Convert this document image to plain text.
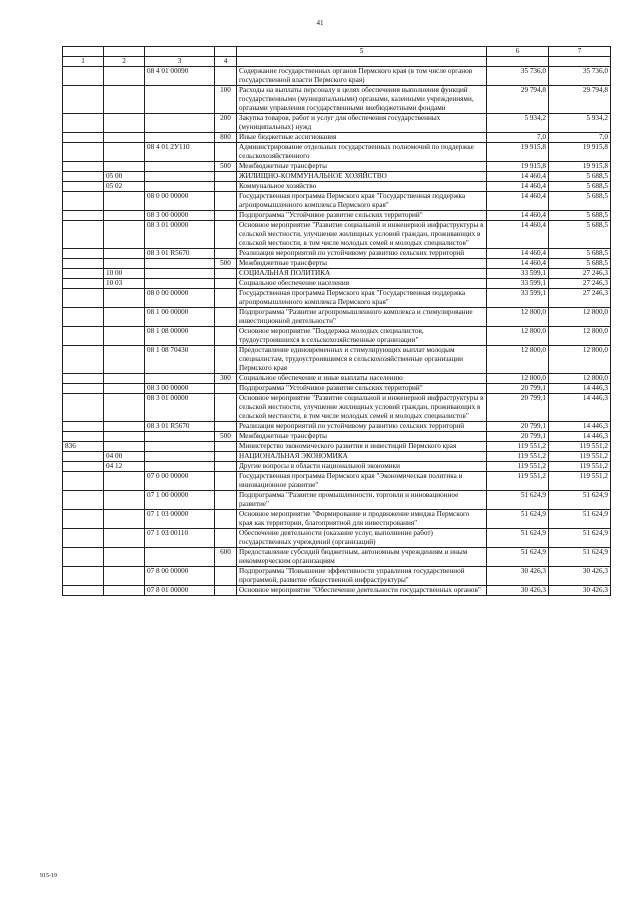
41
				5	6	7
1	2	3	4			
		08 4 01 00090		Содержание государственных органов Пермского края (в том числе органов государственной власти Пермского края)	35 736,0	35 736,0
			100	Расходы на выплаты персоналу в целях обеспечения выполнения функций государственными (муниципальными) органами, казенными учреждениями, органами управления государственными внебюджетными фондами	29 794,8	29 794,8
			200	Закупка товаров, работ и услуг для обеспечения государственных (муниципальных) нужд	5 934,2	5 934,2
			800	Иные бюджетные ассигнования	7,0	7,0
		08 4 01 2У110		Администрирование отдельных государственных полномочий по поддержке сельскохозяйственного	19 915,8	19 915,8
			500	Межбюджетные трансферты	19 915,8	19 915,8
	05 00			ЖИЛИЩНО-КОММУНАЛЬНОЕ ХОЗЯЙСТВО	14 460,4	5 688,5
	05 02			Коммунальное хозяйство	14 460,4	5 688,5
		08 0 00 00000		Государственная программа Пермского края "Государственная поддержка агропромышленного комплекса Пермского края"	14 460,4	5 688,5
		08 3 00 00000		Подпрограмма "Устойчивое развитие сельских территорий"	14 460,4	5 688,5
		08 3 01 00000		Основное мероприятие "Развитие социальной и инженерной инфраструктуры в сельской местности, улучшение жилищных условий граждан, проживающих в сельской местности, в том числе молодых семей и молодых специалистов"	14 460,4	5 688,5
		08 3 01 R5670		Реализация мероприятий по устойчивому развитию сельских территорий	14 460,4	5 688,5
			500	Межбюджетные трансферты	14 460,4	5 688,5
	10 00			СОЦИАЛЬНАЯ ПОЛИТИКА	33 599,1	27 246,3
	10 03			Социальное обеспечение населения	33 599,1	27 246,3
		08 0 00 00000		Государственная программа Пермского края "Государственная поддержка агропромышленного комплекса Пермского края"	33 599,1	27 246,3
		08 1 00 00000		Подпрограмма "Развитие агропромышленного комплекса и стимулирование инвестиционной деятельности"	12 800,0	12 800,0
		08 1 08 00000		Основное мероприятие "Поддержка молодых специалистов, трудоустроившихся в сельскохозяйственные организации"	12 800,0	12 800,0
		08 1 08 70430		Предоставление единовременных и стимулирующих выплат молодым специалистам, трудоустроившимся в сельскохозяйственные организации Пермского края	12 800,0	12 800,0
			300	Социальное обеспечение и иные выплаты населению	12 800,0	12 800,0
		08 3 00 00000		Подпрограмма "Устойчивое развитие сельских территорий"	20 799,1	14 446,3
		08 3 01 00000		Основное мероприятие "Развитие социальной и инженерной инфраструктуры в сельской местности, улучшение жилищных условий граждан, проживающих в сельской местности, в том числе молодых семей и молодых специалистов"	20 799,1	14 446,3
		08 3 01 R5670		Реализация мероприятий по устойчивому развитию сельских территорий	20 799,1	14 446,3
			500	Межбюджетные трансферты	20 799,1	14 446,3
836				Министерство экономического развития и инвестиций Пермского края	119 551,2	119 551,2
	04 00			НАЦИОНАЛЬНАЯ ЭКОНОМИКА	119 551,2	119 551,2
	04 12			Другие вопросы в области национальной экономики	119 551,2	119 551,2
		07 0 00 00000		Государственная программа Пермского края "Экономическая политика и инновационное развитие"	119 551,2	119 551,2
		07 1 00 00000		Подпрограмма "Развитие промышленности, торговли и инновационное развитие"	51 624,9	51 624,9
		07 1 03 00000		Основное мероприятие "Формирование и продвижение имиджа Пермского края как территории, благоприятной для инвестирования"	51 624,9	51 624,9
		07 1 03 00110		Обеспечение деятельности (оказание услуг, выполнение работ) государственных учреждений (организаций)	51 624,9	51 624,9
			600	Предоставление субсидий бюджетным, автономным учреждениям и иным некоммерческим организациям	51 624,9	51 624,9
		07 8 00 00000		Подпрограмма "Повышение эффективности управления государственной программой, развитие общественной инфраструктуры"	30 426,3	30 426,3
		07 8 01 00000		Основное мероприятие "Обеспечение деятельности государственных органов"	30 426,3	30 426,3
915-19
